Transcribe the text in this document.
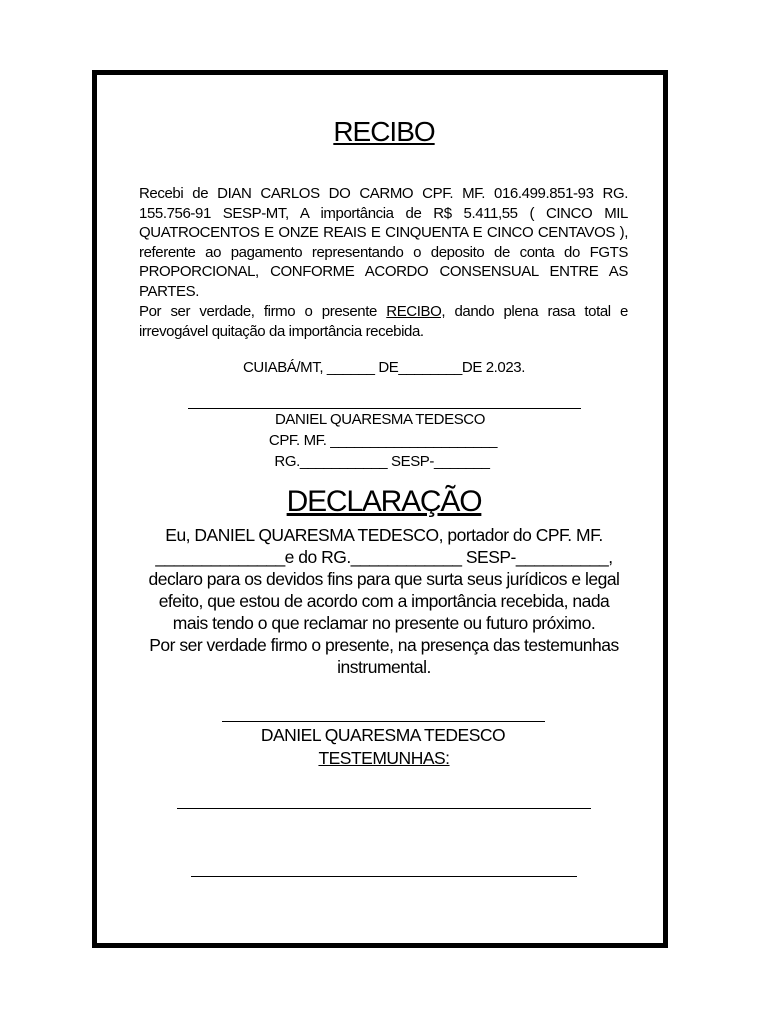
RECIBO

Recebi de DIAN CARLOS DO CARMO CPF. MF. 016.499.851-93 RG. 155.756-91 SESP-MT, A importância de R$ 5.411,55 ( CINCO MIL QUATROCENTOS E ONZE REAIS E CINQUENTA E CINCO CENTAVOS ), referente ao pagamento representando o deposito de conta do FGTS PROPORCIONAL, CONFORME ACORDO CONSENSUAL ENTRE AS PARTES.

Por ser verdade, firmo o presente RECIBO, dando plena rasa total e irrevogável quitação da importância recebida.

CUIABÁ/MT, ______ DE________DE 2.023.

DANIEL QUARESMA TEDESCO

CPF. MF. _____________________

RG.___________ SESP-_______

DECLARAÇÃO
Eu, DANIEL QUARESMA TEDESCO, portador do CPF. MF.
______________e do RG.____________ SESP-__________,
declaro para os devidos fins para que surta seus jurídicos e legal
efeito, que estou de acordo com a importância recebida, nada
mais tendo o que reclamar no presente ou futuro próximo.
Por ser verdade firmo o presente, na presença das testemunhas
instrumental.

DANIEL QUARESMA TEDESCO

TESTEMUNHAS:
